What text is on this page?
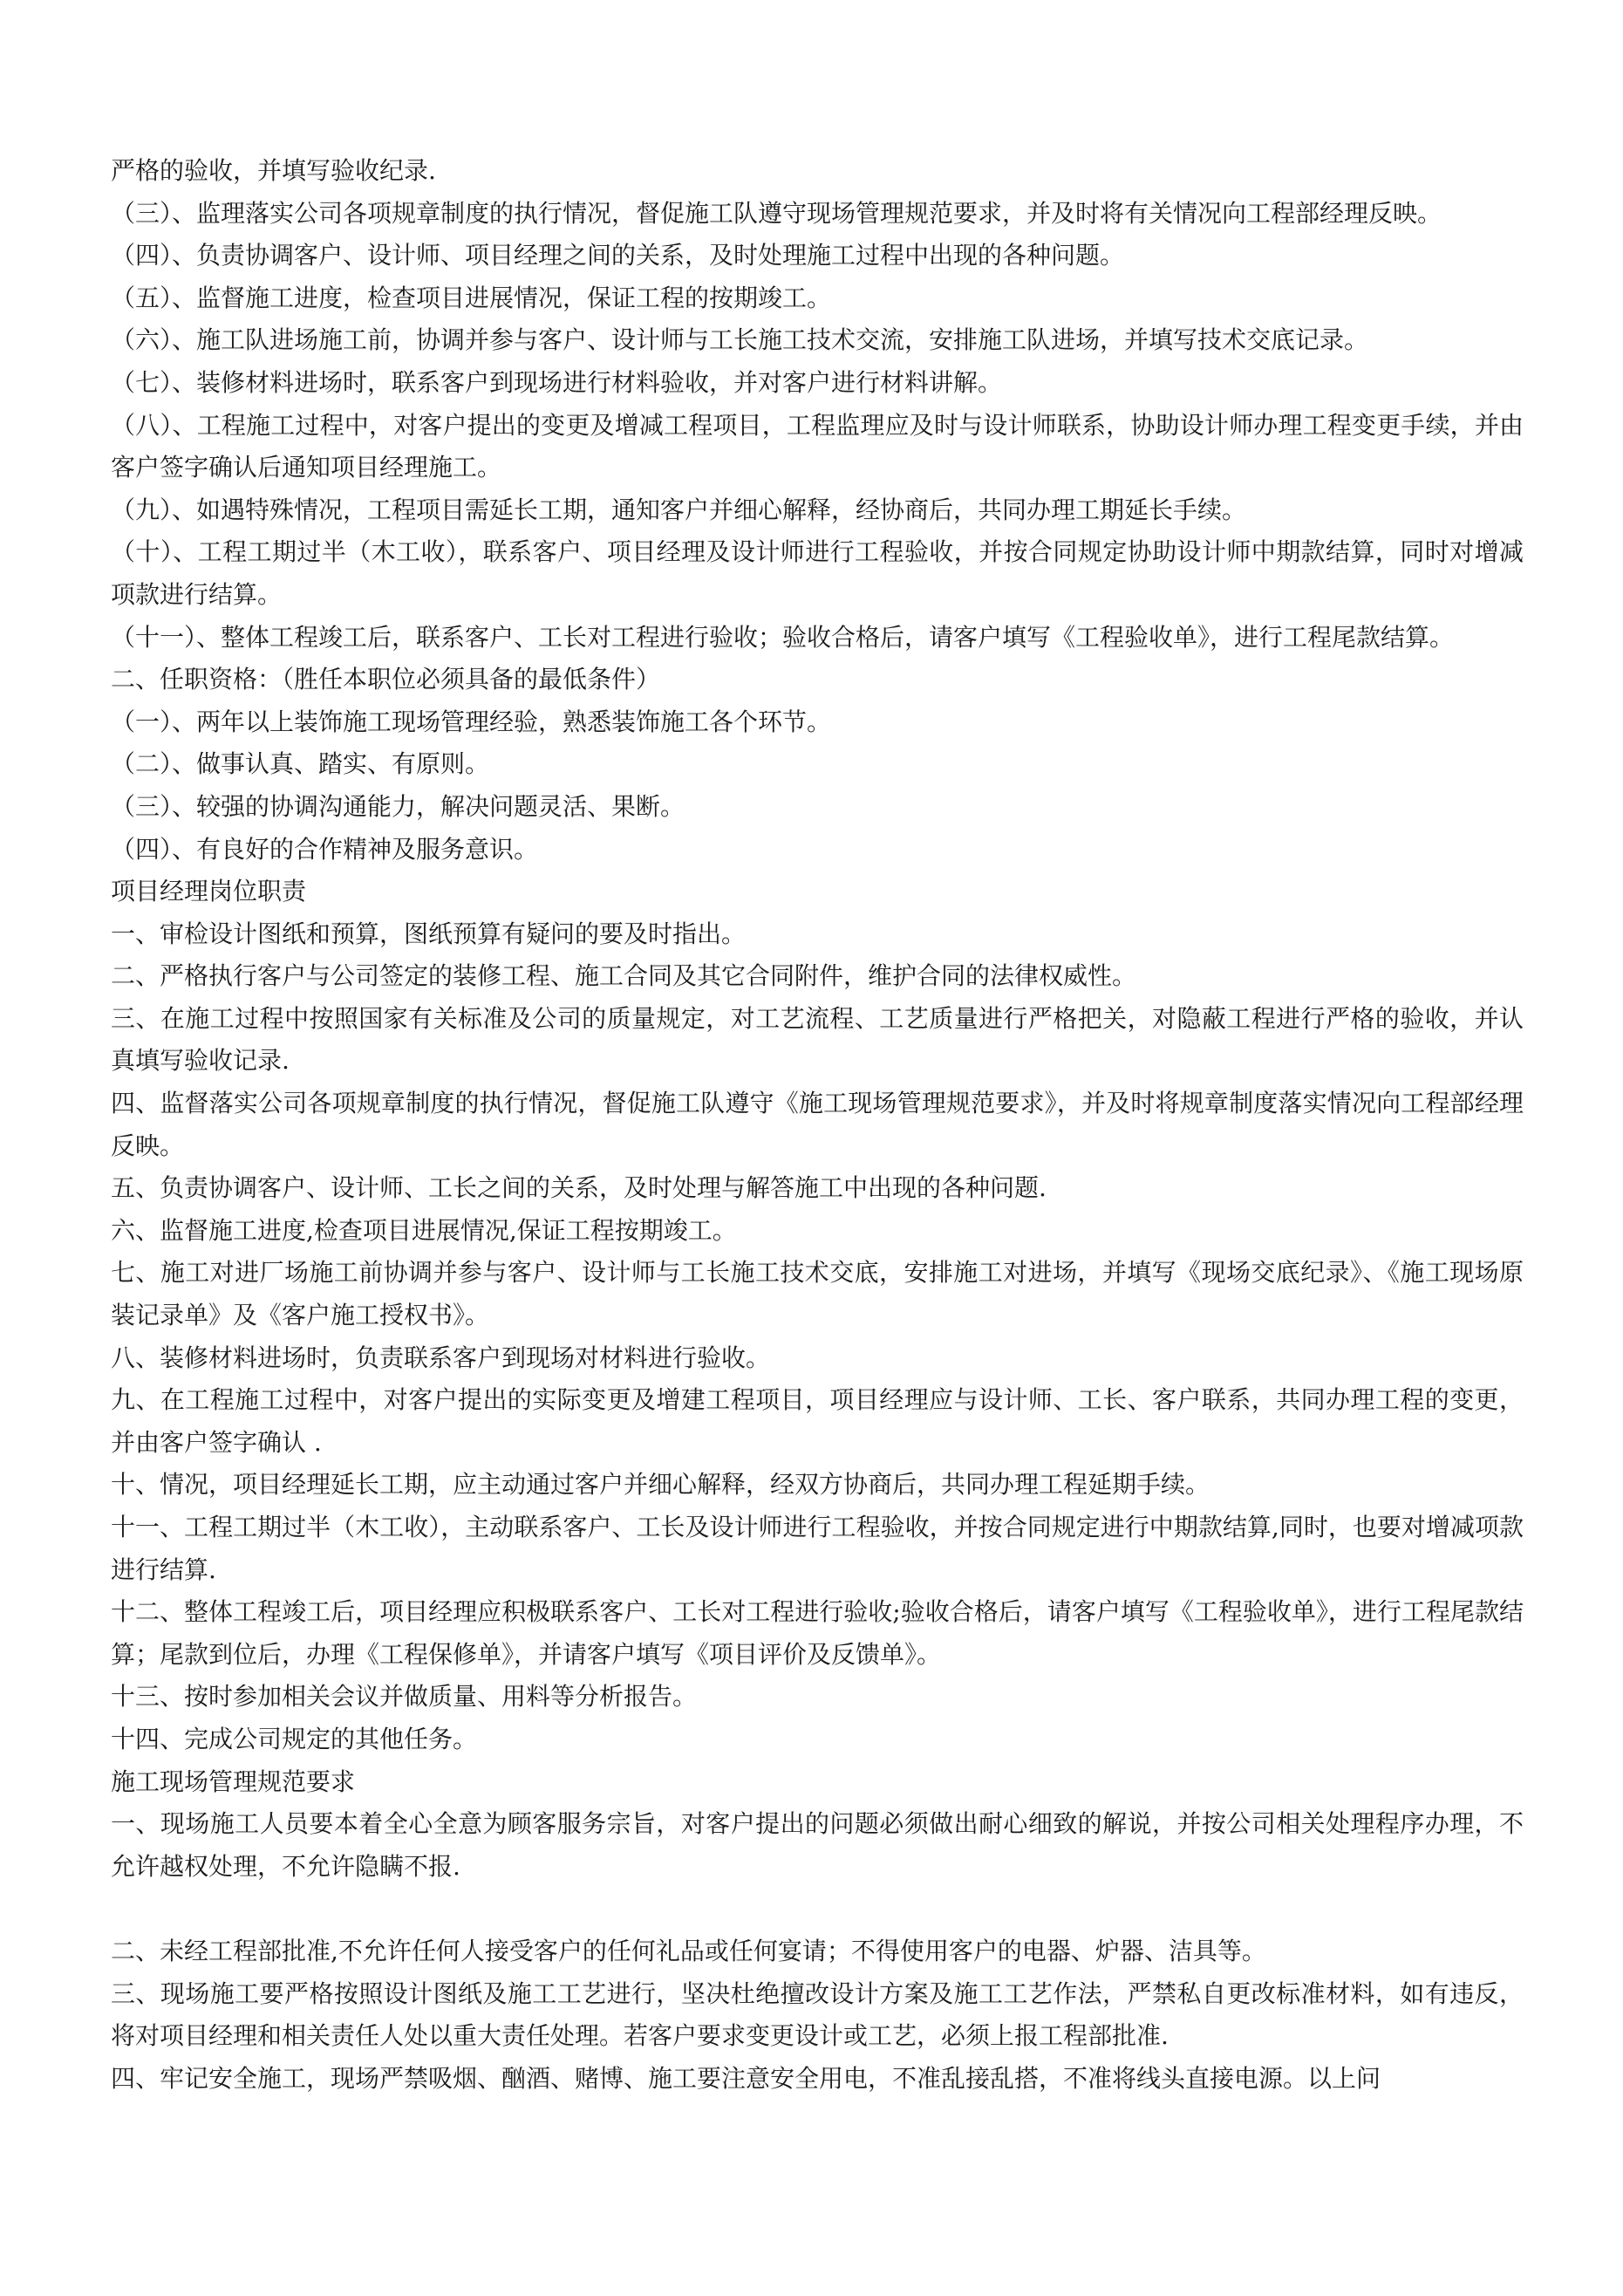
严格的验收，并填写验收纪录.

（三）、监理落实公司各项规章制度的执行情况，督促施工队遵守现场管理规范要求，并及时将有关情况向工程部经理反映。

（四）、负责协调客户、设计师、项目经理之间的关系，及时处理施工过程中出现的各种问题。

（五）、监督施工进度，检查项目进展情况，保证工程的按期竣工。

（六）、施工队进场施工前，协调并参与客户、设计师与工长施工技术交流，安排施工队进场，并填写技术交底记录。

（七）、装修材料进场时，联系客户到现场进行材料验收，并对客户进行材料讲解。

（八）、工程施工过程中，对客户提出的变更及增减工程项目，工程监理应及时与设计师联系，协助设计师办理工程变更手续，并由客户签字确认后通知项目经理施工。

（九）、如遇特殊情况，工程项目需延长工期，通知客户并细心解释，经协商后，共同办理工期延长手续。

（十）、工程工期过半（木工收），联系客户、项目经理及设计师进行工程验收，并按合同规定协助设计师中期款结算，同时对增减项款进行结算。

（十一）、整体工程竣工后，联系客户、工长对工程进行验收；验收合格后，请客户填写《工程验收单》，进行工程尾款结算。

二、任职资格：（胜任本职位必须具备的最低条件）

（一）、两年以上装饰施工现场管理经验，熟悉装饰施工各个环节。

（二）、做事认真、踏实、有原则。

（三）、较强的协调沟通能力，解决问题灵活、果断。

（四）、有良好的合作精神及服务意识。

项目经理岗位职责

一、审检设计图纸和预算，图纸预算有疑问的要及时指出。

二、严格执行客户与公司签定的装修工程、施工合同及其它合同附件，维护合同的法律权威性。

三、在施工过程中按照国家有关标准及公司的质量规定，对工艺流程、工艺质量进行严格把关，对隐蔽工程进行严格的验收，并认真填写验收记录.

四、监督落实公司各项规章制度的执行情况，督促施工队遵守《施工现场管理规范要求》，并及时将规章制度落实情况向工程部经理反映。

五、负责协调客户、设计师、工长之间的关系，及时处理与解答施工中出现的各种问题.

六、监督施工进度,检查项目进展情况,保证工程按期竣工。

七、施工对进厂场施工前协调并参与客户、设计师与工长施工技术交底，安排施工对进场，并填写《现场交底纪录》、《施工现场原装记录单》及《客户施工授权书》。

八、装修材料进场时，负责联系客户到现场对材料进行验收。

九、在工程施工过程中，对客户提出的实际变更及增建工程项目，项目经理应与设计师、工长、客户联系，共同办理工程的变更，并由客户签字确认 .

十、情况，项目经理延长工期，应主动通过客户并细心解释，经双方协商后，共同办理工程延期手续。

十一、工程工期过半（木工收），主动联系客户、工长及设计师进行工程验收，并按合同规定进行中期款结算,同时，也要对增减项款进行结算.

十二、整体工程竣工后，项目经理应积极联系客户、工长对工程进行验收;验收合格后，请客户填写《工程验收单》，进行工程尾款结算；尾款到位后，办理《工程保修单》，并请客户填写《项目评价及反馈单》。

十三、按时参加相关会议并做质量、用料等分析报告。

十四、完成公司规定的其他任务。

施工现场管理规范要求

一、现场施工人员要本着全心全意为顾客服务宗旨，对客户提出的问题必须做出耐心细致的解说，并按公司相关处理程序办理，不允许越权处理，不允许隐瞒不报.

二、未经工程部批准,不允许任何人接受客户的任何礼品或任何宴请；不得使用客户的电器、炉器、洁具等。

三、现场施工要严格按照设计图纸及施工工艺进行，坚决杜绝擅改设计方案及施工工艺作法，严禁私自更改标准材料，如有违反，将对项目经理和相关责任人处以重大责任处理。若客户要求变更设计或工艺，必须上报工程部批准.

四、牢记安全施工，现场严禁吸烟、酗酒、赌博、施工要注意安全用电，不准乱接乱搭，不准将线头直接电源。以上问
